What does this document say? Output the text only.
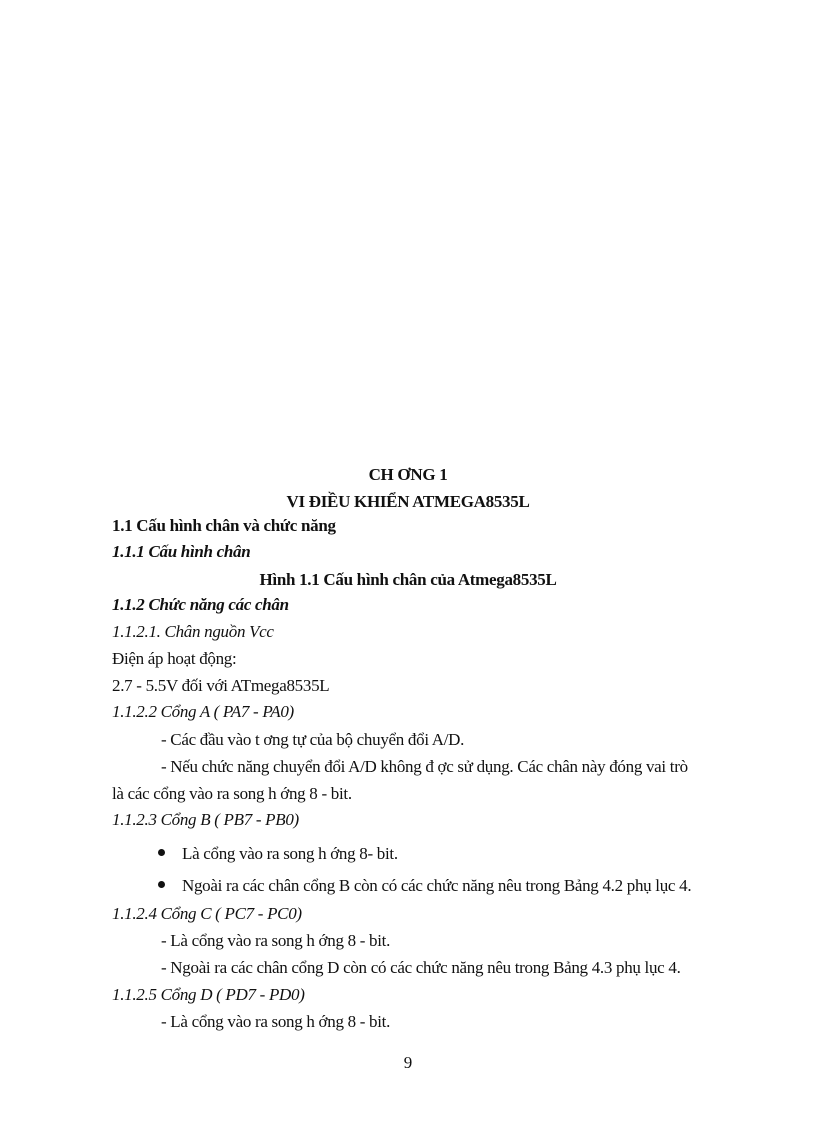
CH ƠNG 1
VI ĐIỀU KHIỂN ATMEGA8535L
1.1 Cấu hình chân và chức năng
1.1.1 Cấu hình chân
Hình 1.1 Cấu hình chân của Atmega8535L
1.1.2 Chức năng các chân
1.1.2.1. Chân nguồn Vcc
Điện áp hoạt động:
2.7 - 5.5V đối với ATmega8535L
1.1.2.2 Cổng A ( PA7 - PA0)
- Các đầu vào t ơng tự của bộ chuyển đổi A/D.
- Nếu chức năng chuyển đổi A/D không đ ợc sử dụng. Các chân này đóng vai trò
là các cổng vào ra song h ớng 8 - bit.
1.1.2.3 Cổng B ( PB7 - PB0)
Là cổng vào ra song h ớng 8- bit.
Ngoài ra các chân cổng B còn có các chức năng nêu trong Bảng 4.2 phụ lục 4.
1.1.2.4 Cổng C ( PC7 - PC0)
- Là cổng vào ra song h ớng 8 - bit.
- Ngoài ra các chân cổng D còn có các chức năng nêu trong Bảng 4.3 phụ lục 4.
1.1.2.5 Cổng D ( PD7 - PD0)
- Là cổng vào ra song h ớng 8 - bit.
9
